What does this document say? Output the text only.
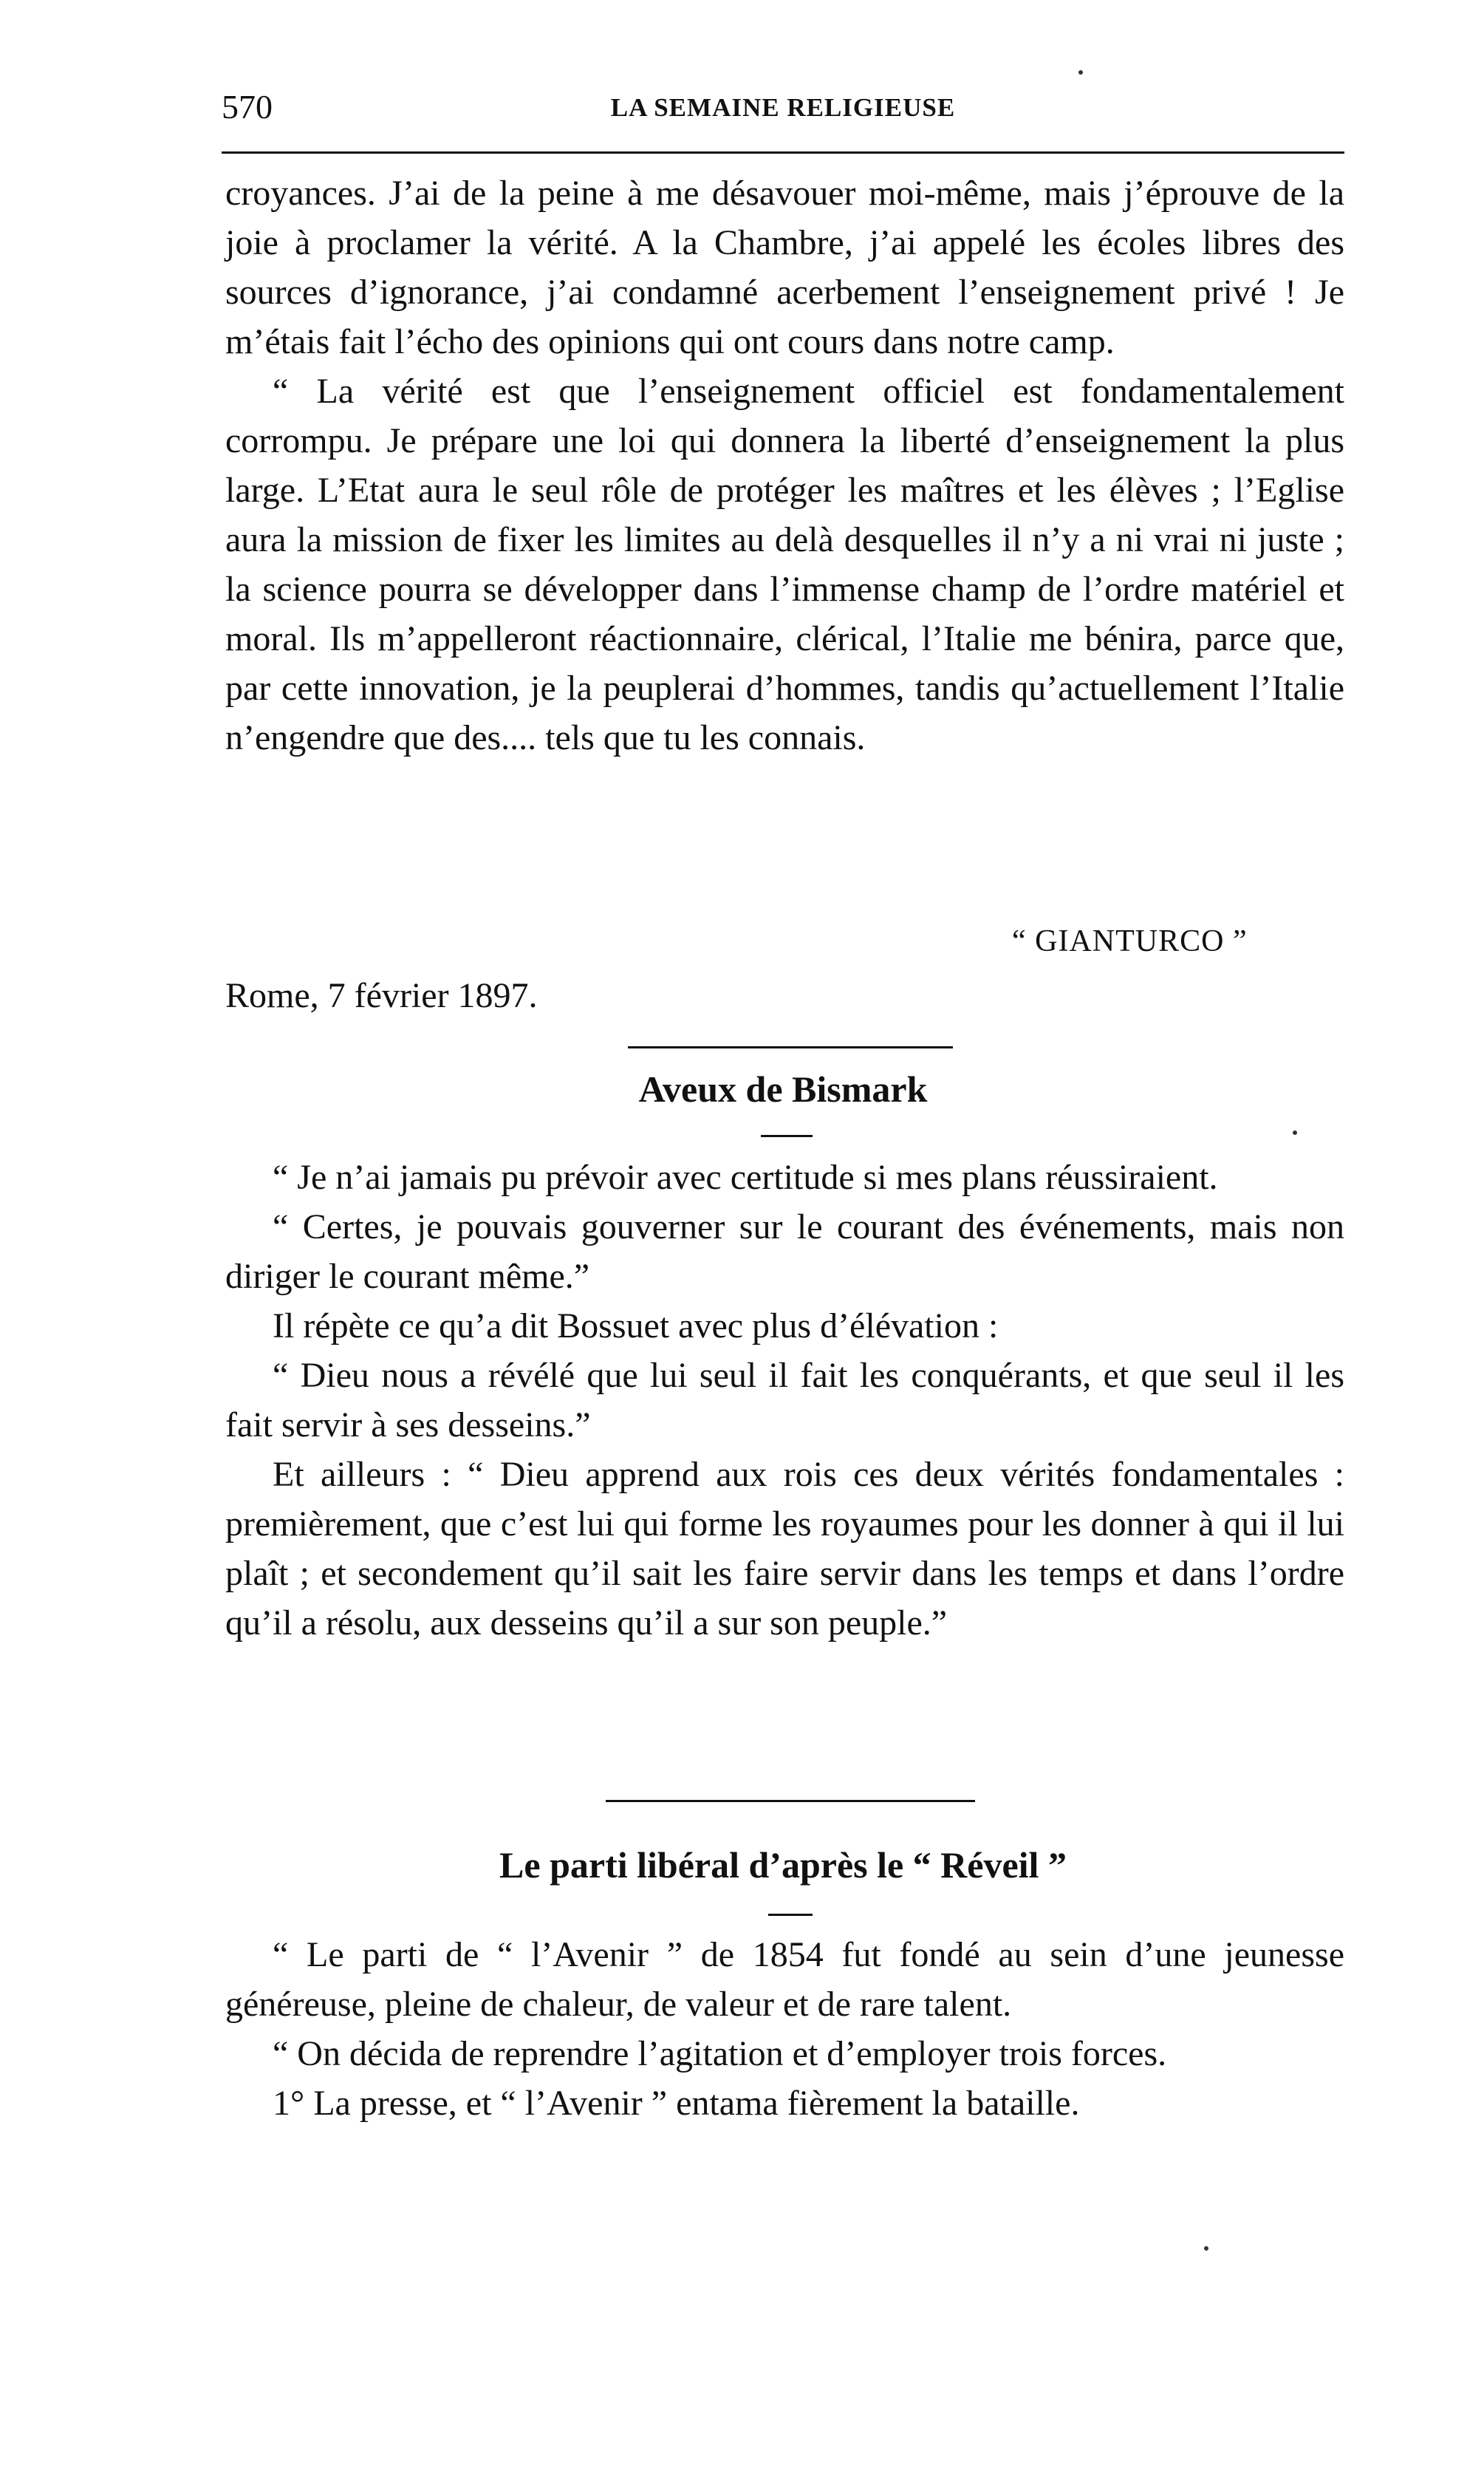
570	LA SEMAINE RELIGIEUSE

croyances. J’ai de la peine à me désavouer moi-même, mais j’éprouve de la joie à proclamer la vérité. A la Chambre, j’ai appelé les écoles libres des sources d’ignorance, j’ai condamné acerbement l’enseignement privé ! Je m’étais fait l’écho des opinions qui ont cours dans notre camp.

“ La vérité est que l’enseignement officiel est fondamentalement corrompu. Je prépare une loi qui donnera la liberté d’enseignement la plus large. L’Etat aura le seul rôle de protéger les maîtres et les élèves ; l’Eglise aura la mission de fixer les limites au delà desquelles il n’y a ni vrai ni juste ; la science pourra se développer dans l’immense champ de l’ordre matériel et moral. Ils m’appelleront réactionnaire, clérical, l’Italie me bénira, parce que, par cette innovation, je la peuplerai d’hommes, tandis qu’actuellement l’Italie n’engendre que des.... tels que tu les connais.

“ GIANTURCO ”
Rome, 7 février 1897.
Aveux de Bismark

“ Je n’ai jamais pu prévoir avec certitude si mes plans réussiraient.

“ Certes, je pouvais gouverner sur le courant des événements, mais non diriger le courant même.”

Il répète ce qu’a dit Bossuet avec plus d’élévation :

“ Dieu nous a révélé que lui seul il fait les conquérants, et que seul il les fait servir à ses desseins.”

Et ailleurs : “ Dieu apprend aux rois ces deux vérités fondamentales : premièrement, que c’est lui qui forme les royaumes pour les donner à qui il lui plaît ; et secondement qu’il sait les faire servir dans les temps et dans l’ordre qu’il a résolu, aux desseins qu’il a sur son peuple.”

Le parti libéral d’après le “ Réveil ”

“ Le parti de “ l’Avenir ” de 1854 fut fondé au sein d’une jeunesse généreuse, pleine de chaleur, de valeur et de rare talent.

“ On décida de reprendre l’agitation et d’employer trois forces.

1° La presse, et “ l’Avenir ” entama fièrement la bataille.
